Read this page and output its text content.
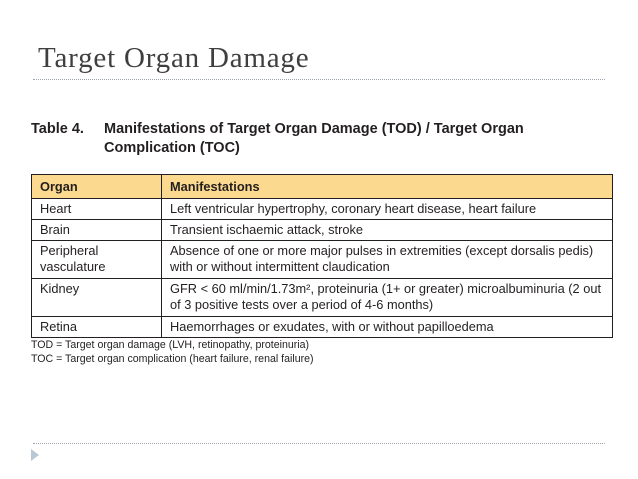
Target Organ Damage
Table 4.	Manifestations of Target Organ Damage (TOD) / Target Organ Complication (TOC)
Organ	Manifestations
Heart	Left ventricular hypertrophy, coronary heart disease, heart failure
Brain	Transient ischaemic attack, stroke
Peripheral vasculature	Absence of one or more major pulses in extremities (except dorsalis pedis) with or without intermittent claudication
Kidney	GFR < 60 ml/min/1.73m², proteinuria (1+ or greater) microalbuminuria (2 out of 3 positive tests over a period of 4-6 months)
Retina	Haemorrhages or exudates, with or without papilloedema
TOD = Target organ damage (LVH, retinopathy, proteinuria)
TOC = Target organ complication (heart failure, renal failure)
